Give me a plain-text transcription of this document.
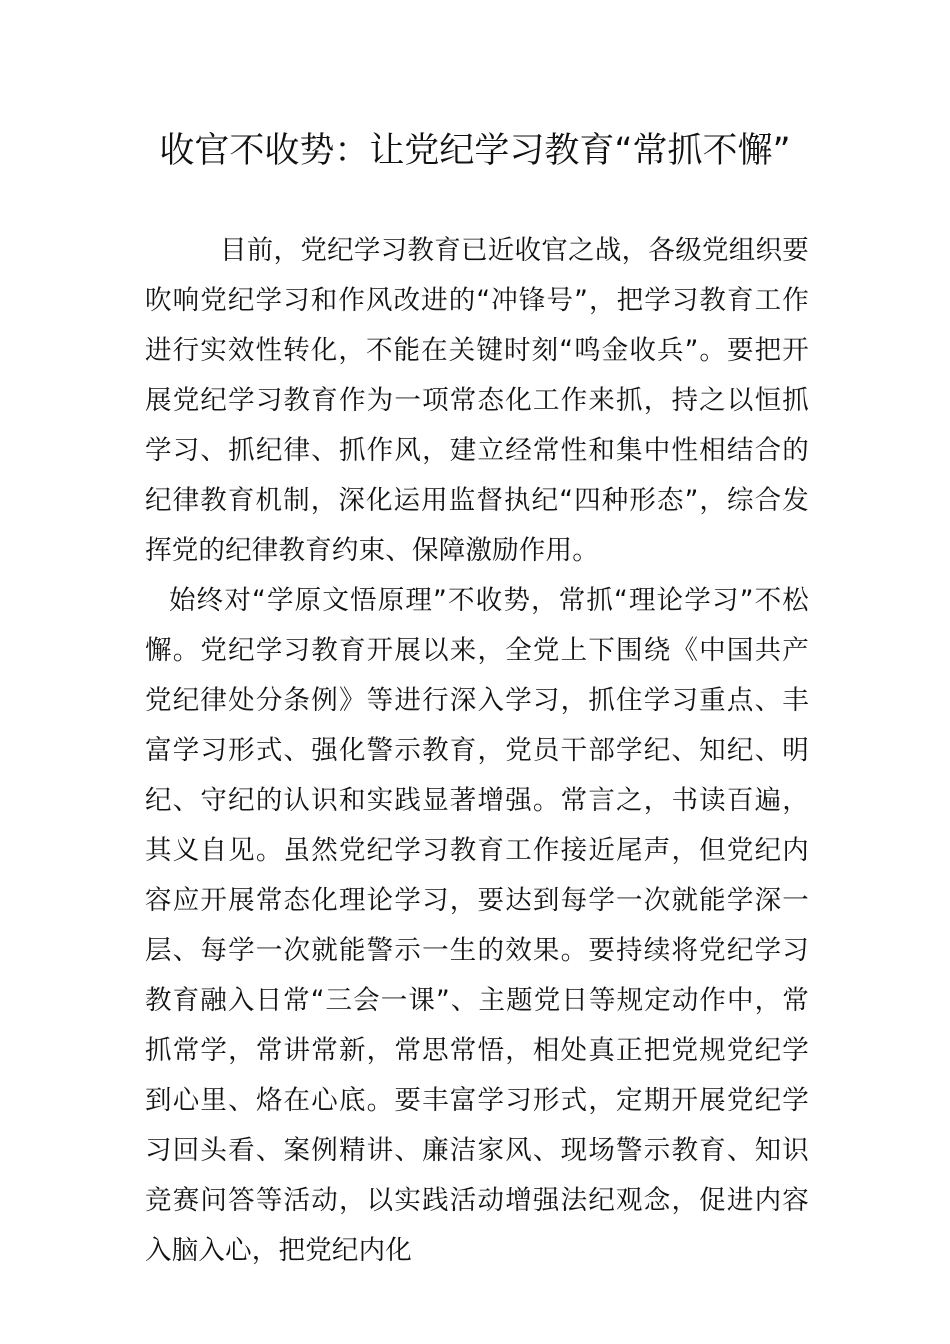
收官不收势：让党纪学习教育“常抓不懈”

目前，党纪学习教育已近收官之战，各级党组织要吹响党纪学习和作风改进的“冲锋号”，把学习教育工作进行实效性转化，不能在关键时刻“鸣金收兵”。要把开展党纪学习教育作为一项常态化工作来抓，持之以恒抓学习、抓纪律、抓作风，建立经常性和集中性相结合的纪律教育机制，深化运用监督执纪“四种形态”，综合发挥党的纪律教育约束、保障激励作用。

始终对“学原文悟原理”不收势，常抓“理论学习”不松懈。党纪学习教育开展以来，全党上下围绕《中国共产党纪律处分条例》等进行深入学习，抓住学习重点、丰富学习形式、强化警示教育，党员干部学纪、知纪、明纪、守纪的认识和实践显著增强。常言之，书读百遍，其义自见。虽然党纪学习教育工作接近尾声，但党纪内容应开展常态化理论学习，要达到每学一次就能学深一层、每学一次就能警示一生的效果。要持续将党纪学习教育融入日常“三会一课”、主题党日等规定动作中，常抓常学，常讲常新，常思常悟，相处真正把党规党纪学到心里、烙在心底。要丰富学习形式，定期开展党纪学习回头看、案例精讲、廉洁家风、现场警示教育、知识竞赛问答等活动，以实践活动增强法纪观念，促进内容入脑入心，把党纪内化
